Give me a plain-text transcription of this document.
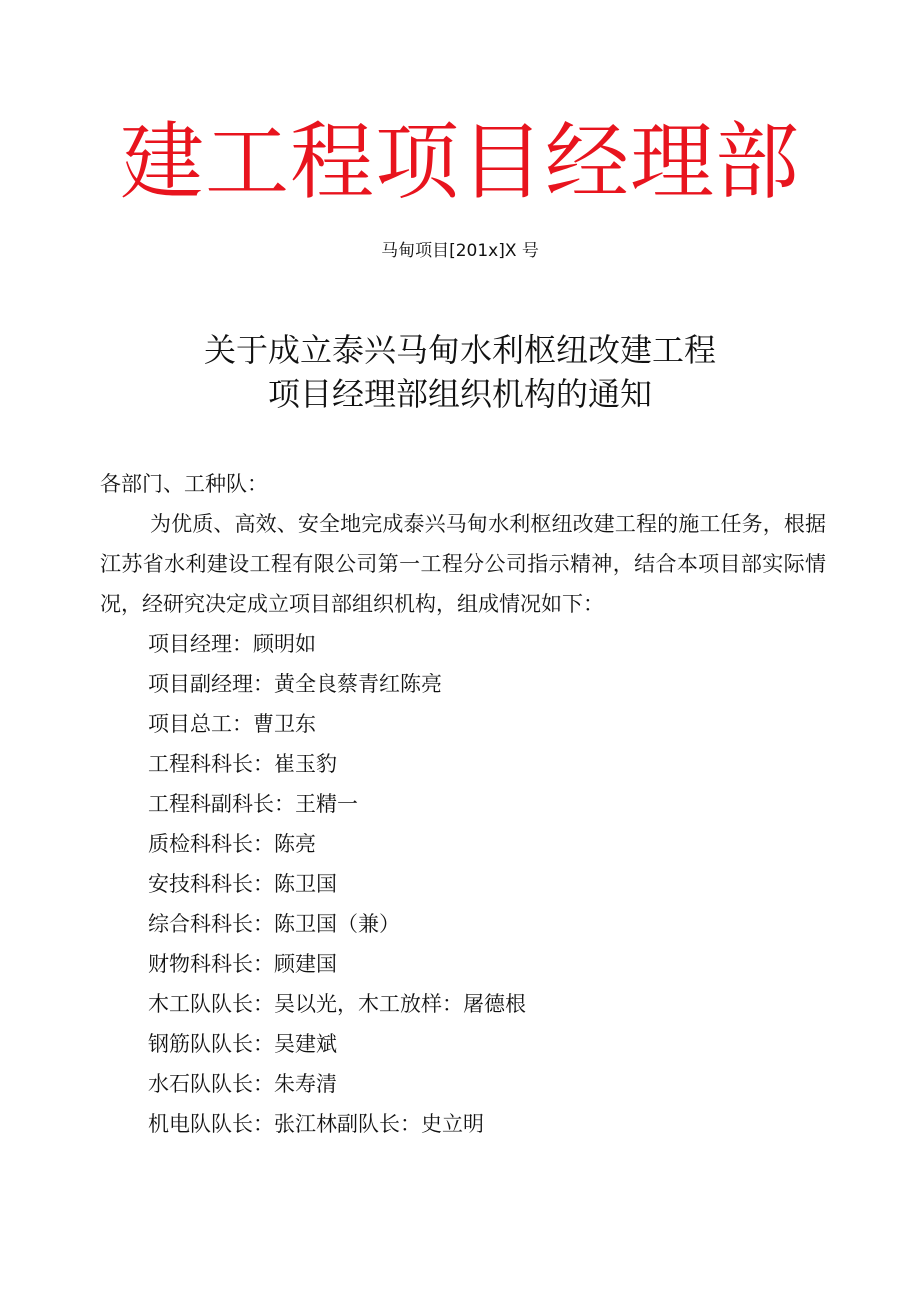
建工程项目经理部
马甸项目[201x]X 号
关于成立泰兴马甸水利枢纽改建工程
项目经理部组织机构的通知
各部门、工种队：
为优质、高效、安全地完成泰兴马甸水利枢纽改建工程的施工任务，根据江苏省水利建设工程有限公司第一工程分公司指示精神，结合本项目部实际情况，经研究决定成立项目部组织机构，组成情况如下：
项目经理：顾明如
项目副经理：黄全良蔡青红陈亮
项目总工：曹卫东
工程科科长：崔玉豹
工程科副科长：王精一
质检科科长：陈亮
安技科科长：陈卫国
综合科科长：陈卫国（兼）
财物科科长：顾建国
木工队队长：吴以光，木工放样：屠德根
钢筋队队长：吴建斌
水石队队长：朱寿清
机电队队长：张江林副队长：史立明
